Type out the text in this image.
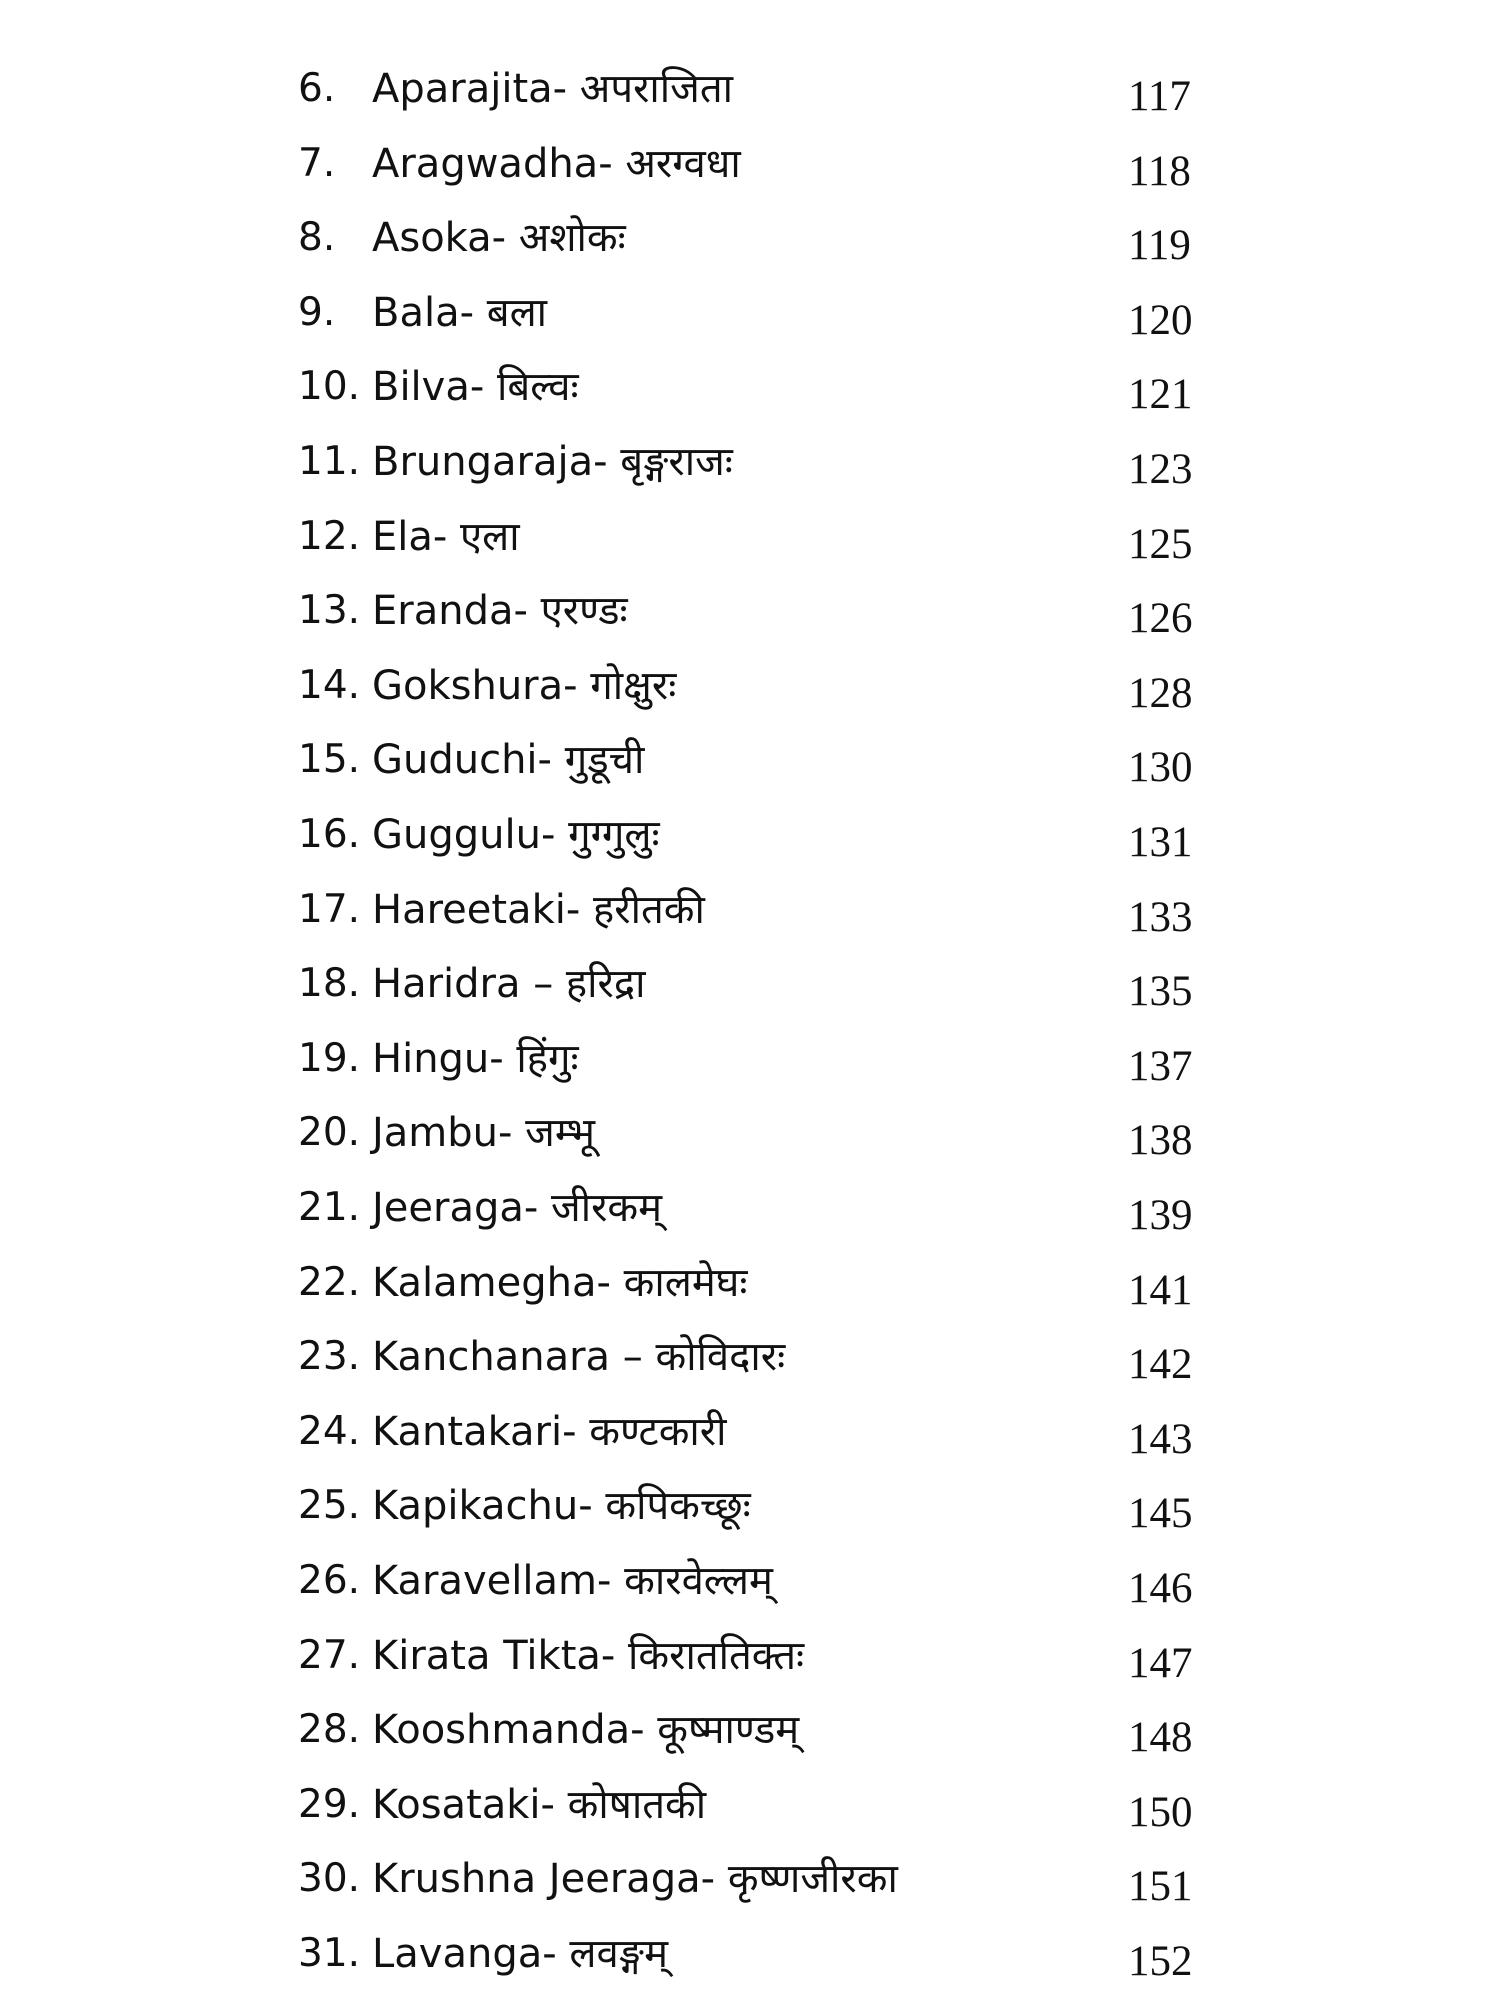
6. Aparajita- अपराजिता	117
7. Aragwadha- अरग्वधा	118
8. Asoka- अशोकः	119
9. Bala- बला	120
10. Bilva- बिल्वः	121
11. Brungaraja- बृङ्गराजः	123
12. Ela- एला	125
13. Eranda- एरण्डः	126
14. Gokshura- गोक्षुरः	128
15. Guduchi- गुडूची	130
16. Guggulu- गुग्गुलुः	131
17. Hareetaki- हरीतकी	133
18. Haridra – हरिद्रा	135
19. Hingu- हिंगुः	137
20. Jambu- जम्भू	138
21. Jeeraga- जीरकम्	139
22. Kalamegha- कालमेघः	141
23. Kanchanara – कोविदारः	142
24. Kantakari- कण्टकारी	143
25. Kapikachu- कपिकच्छूः	145
26. Karavellam- कारवेल्लम्	146
27. Kirata Tikta- किराततिक्तः	147
28. Kooshmanda- कूष्माण्डम्	148
29. Kosataki- कोषातकी	150
30. Krushna Jeeraga- कृष्णजीरका	151
31. Lavanga- लवङ्गम्	152
